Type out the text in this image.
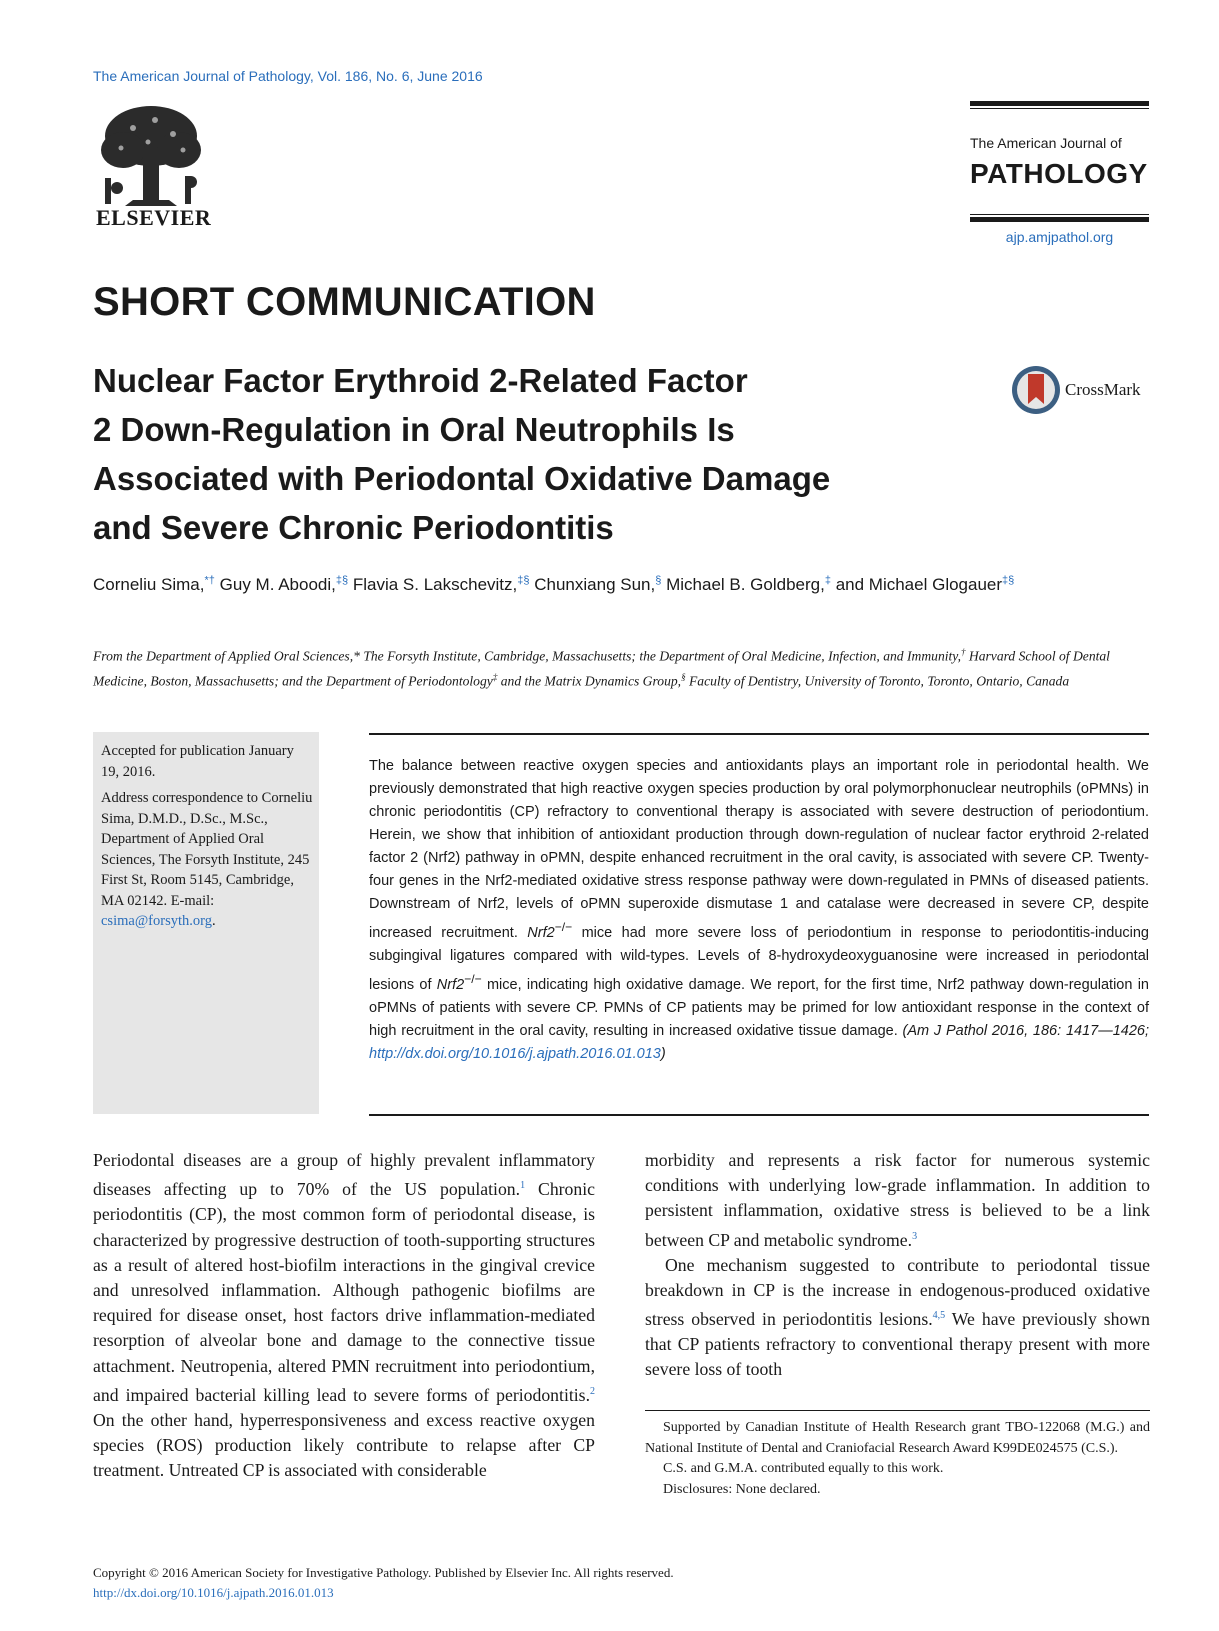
The American Journal of Pathology, Vol. 186, No. 6, June 2016
ELSEVIER
The American Journal of
PATHOLOGY
ajp.amjpathol.org
SHORT COMMUNICATION
Nuclear Factor Erythroid 2-Related Factor
2 Down-Regulation in Oral Neutrophils Is
Associated with Periodontal Oxidative Damage
and Severe Chronic Periodontitis
CrossMark
Corneliu Sima,*† Guy M. Aboodi,‡§ Flavia S. Lakschevitz,‡§ Chunxiang Sun,§ Michael B. Goldberg,‡ and Michael Glogauer‡§
From the Department of Applied Oral Sciences,* The Forsyth Institute, Cambridge, Massachusetts; the Department of Oral Medicine, Infection, and Immunity,† Harvard School of Dental Medicine, Boston, Massachusetts; and the Department of Periodontology‡ and the Matrix Dynamics Group,§ Faculty of Dentistry, University of Toronto, Toronto, Ontario, Canada

Accepted for publication January 19, 2016.

Address correspondence to Corneliu Sima, D.M.D., D.Sc., M.Sc., Department of Applied Oral Sciences, The Forsyth Institute, 245 First St, Room 5145, Cambridge, MA 02142. E-mail: csima@forsyth.org.

The balance between reactive oxygen species and antioxidants plays an important role in periodontal health. We previously demonstrated that high reactive oxygen species production by oral polymorphonuclear neutrophils (oPMNs) in chronic periodontitis (CP) refractory to conventional therapy is associated with severe destruction of periodontium. Herein, we show that inhibition of antioxidant production through down-regulation of nuclear factor erythroid 2-related factor 2 (Nrf2) pathway in oPMN, despite enhanced recruitment in the oral cavity, is associated with severe CP. Twenty-four genes in the Nrf2-mediated oxidative stress response pathway were down-regulated in PMNs of diseased patients. Downstream of Nrf2, levels of oPMN superoxide dismutase 1 and catalase were decreased in severe CP, despite increased recruitment. Nrf2−/− mice had more severe loss of periodontium in response to periodontitis-inducing subgingival ligatures compared with wild-types. Levels of 8-hydroxydeoxyguanosine were increased in periodontal lesions of Nrf2−/− mice, indicating high oxidative damage. We report, for the first time, Nrf2 pathway down-regulation in oPMNs of patients with severe CP. PMNs of CP patients may be primed for low antioxidant response in the context of high recruitment in the oral cavity, resulting in increased oxidative tissue damage. (Am J Pathol 2016, 186: 1417—1426; http://dx.doi.org/10.1016/j.ajpath.2016.01.013)

Periodontal diseases are a group of highly prevalent inflammatory diseases affecting up to 70% of the US population.$^1$ Chronic periodontitis (CP), the most common form of periodontal disease, is characterized by progressive destruction of tooth-supporting structures as a result of altered host-biofilm interactions in the gingival crevice and unresolved inflammation. Although pathogenic biofilms are required for disease onset, host factors drive inflammation-mediated resorption of alveolar bone and damage to the connective tissue attachment. Neutropenia, altered PMN recruitment into periodontium, and impaired bacterial killing lead to severe forms of periodontitis.$^2$ On the other hand, hyperresponsiveness and excess reactive oxygen species (ROS) production likely contribute to relapse after CP treatment. Untreated CP is associated with considerable

morbidity and represents a risk factor for numerous systemic conditions with underlying low-grade inflammation. In addition to persistent inflammation, oxidative stress is believed to be a link between CP and metabolic syndrome.$^3$

One mechanism suggested to contribute to periodontal tissue breakdown in CP is the increase in endogenous-produced oxidative stress observed in periodontitis lesions.$^{4,5}$ We have previously shown that CP patients refractory to conventional therapy present with more severe loss of tooth

Supported by Canadian Institute of Health Research grant TBO-122068 (M.G.) and National Institute of Dental and Craniofacial Research Award K99DE024575 (C.S.).

C.S. and G.M.A. contributed equally to this work.

Disclosures: None declared.

Copyright © 2016 American Society for Investigative Pathology. Published by Elsevier Inc. All rights reserved.
http://dx.doi.org/10.1016/j.ajpath.2016.01.013
